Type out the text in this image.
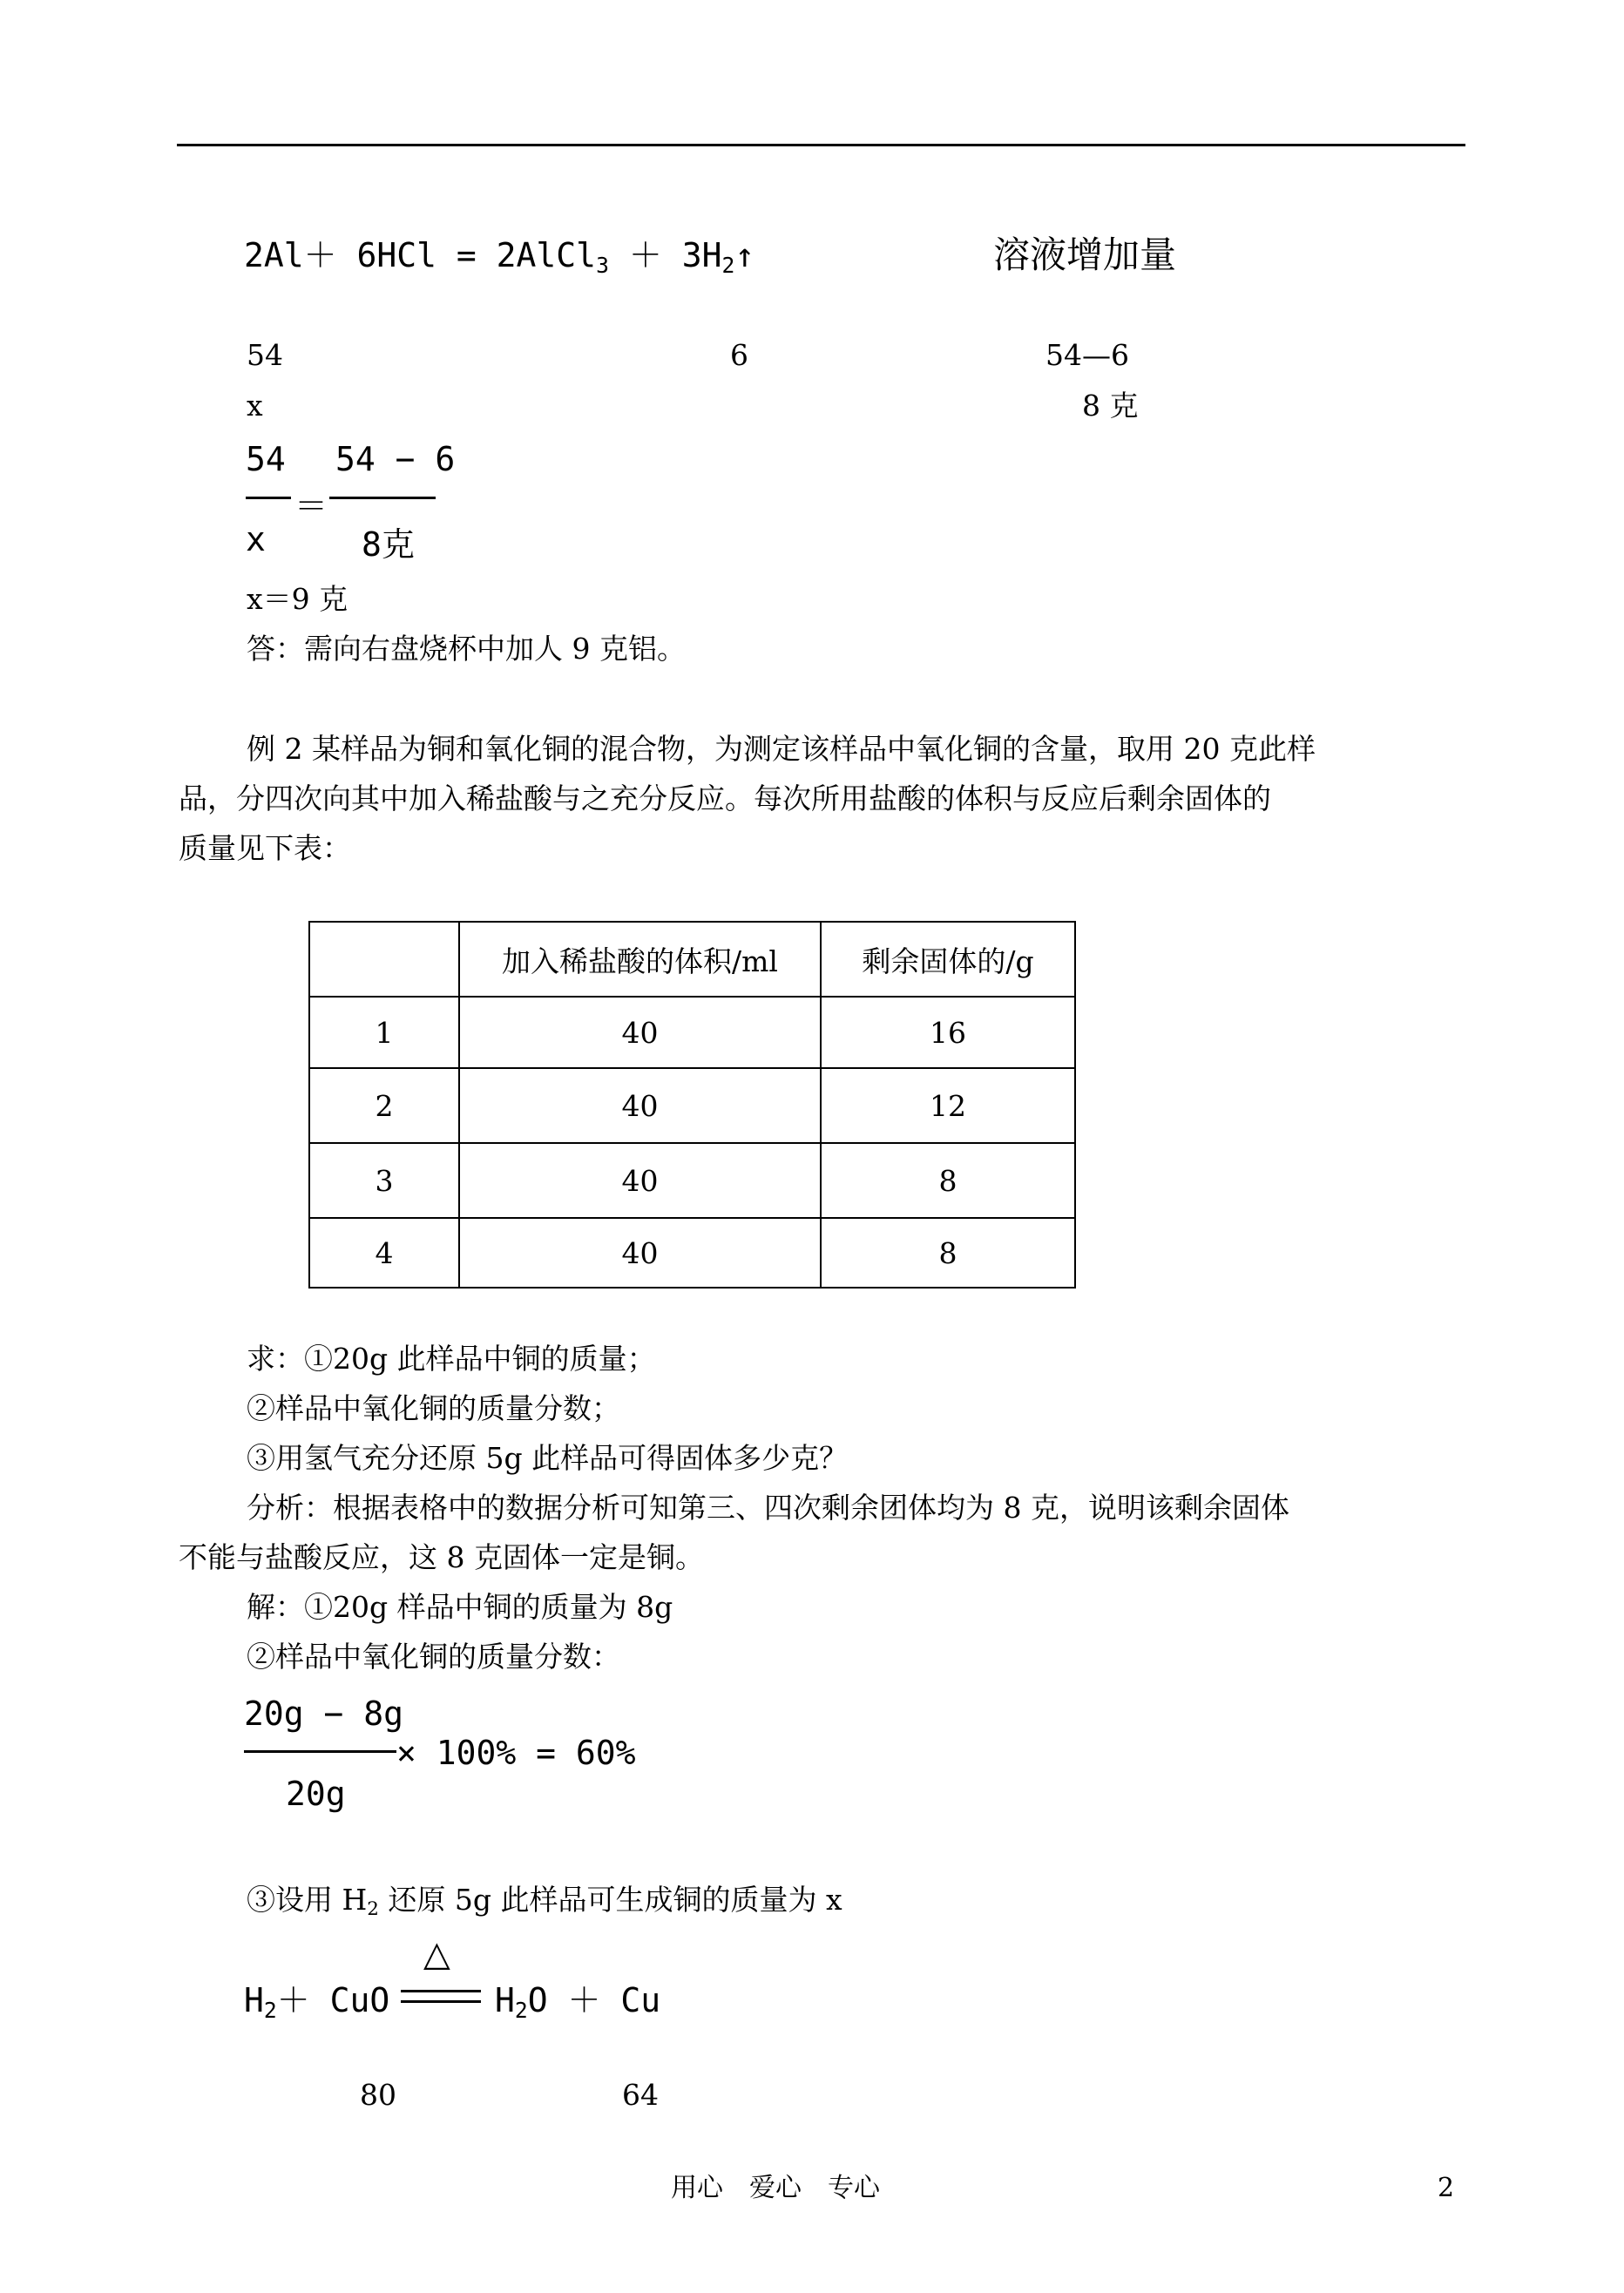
2Al＋ 6HCl = 2AlCl$_3$ ＋ $3H_2↑$	溶液增加量
54	6	54—6
x	8 克
54 54 − 6
＝
x	8克
x＝9 克
答：需向右盘烧杯中加人 9 克铝。
例 2 某样品为铜和氧化铜的混合物，为测定该样品中氧化铜的含量，取用 20 克此样
品，分四次向其中加入稀盐酸与之充分反应。每次所用盐酸的体积与反应后剩余固体的
质量见下表：
	加入稀盐酸的体积/ml	剩余固体的/g
1	40	16
2	40	12
3	40	8
4	40	8
求：①20g 此样品中铜的质量；
②样品中氧化铜的质量分数；
③用氢气充分还原 5g 此样品可得固体多少克？
分析：根据表格中的数据分析可知第三、四次剩余团体均为 8 克，说明该剩余固体
不能与盐酸反应，这 8 克固体一定是铜。
解：①20g 样品中铜的质量为 8g
②样品中氧化铜的质量分数：
20g − 8g
× 100% = 60%
20g
③设用 $H_2$ 还原 5g 此样品可生成铜的质量为 x
△
$H_2+$ CuO	$H_2O + Cu$
80	64
用心　爱心　专心	2
